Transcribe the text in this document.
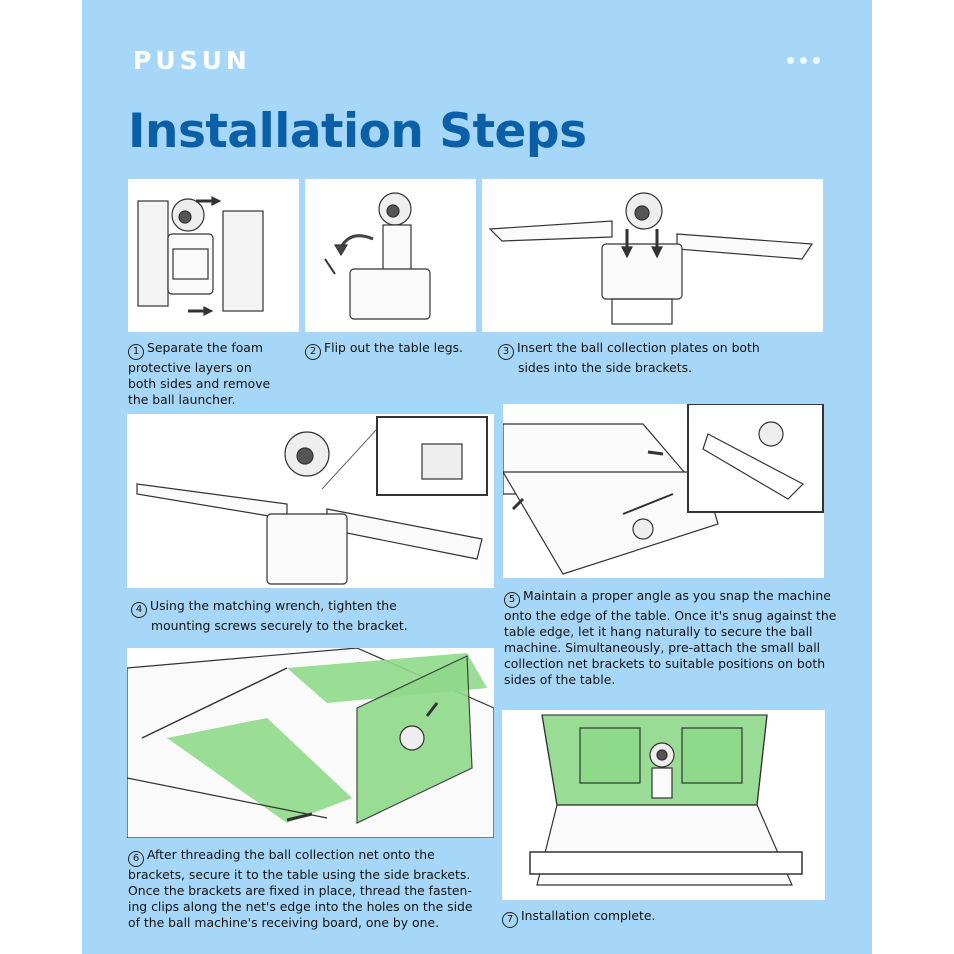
PUSUN
Installation Steps

1 Separate the foam
protective layers on
both sides and remove
the ball launcher.

2 Flip out the table legs.	3 Insert the ball collection plates on both
sides into the side brackets.

4 Using the matching wrench, tighten the
mounting screws securely to the bracket.

5 Maintain a proper angle as you snap the machine
onto the edge of the table. Once it's snug against the
table edge, let it hang naturally to secure the ball
machine. Simultaneously, pre-attach the small ball
collection net brackets to suitable positions on both
sides of the table.

6 After threading the ball collection net onto the
brackets, secure it to the table using the side brackets.
Once the brackets are fixed in place, thread the fasten-
ing clips along the net's edge into the holes on the side
of the ball machine's receiving board, one by one.	7 Installation complete.
